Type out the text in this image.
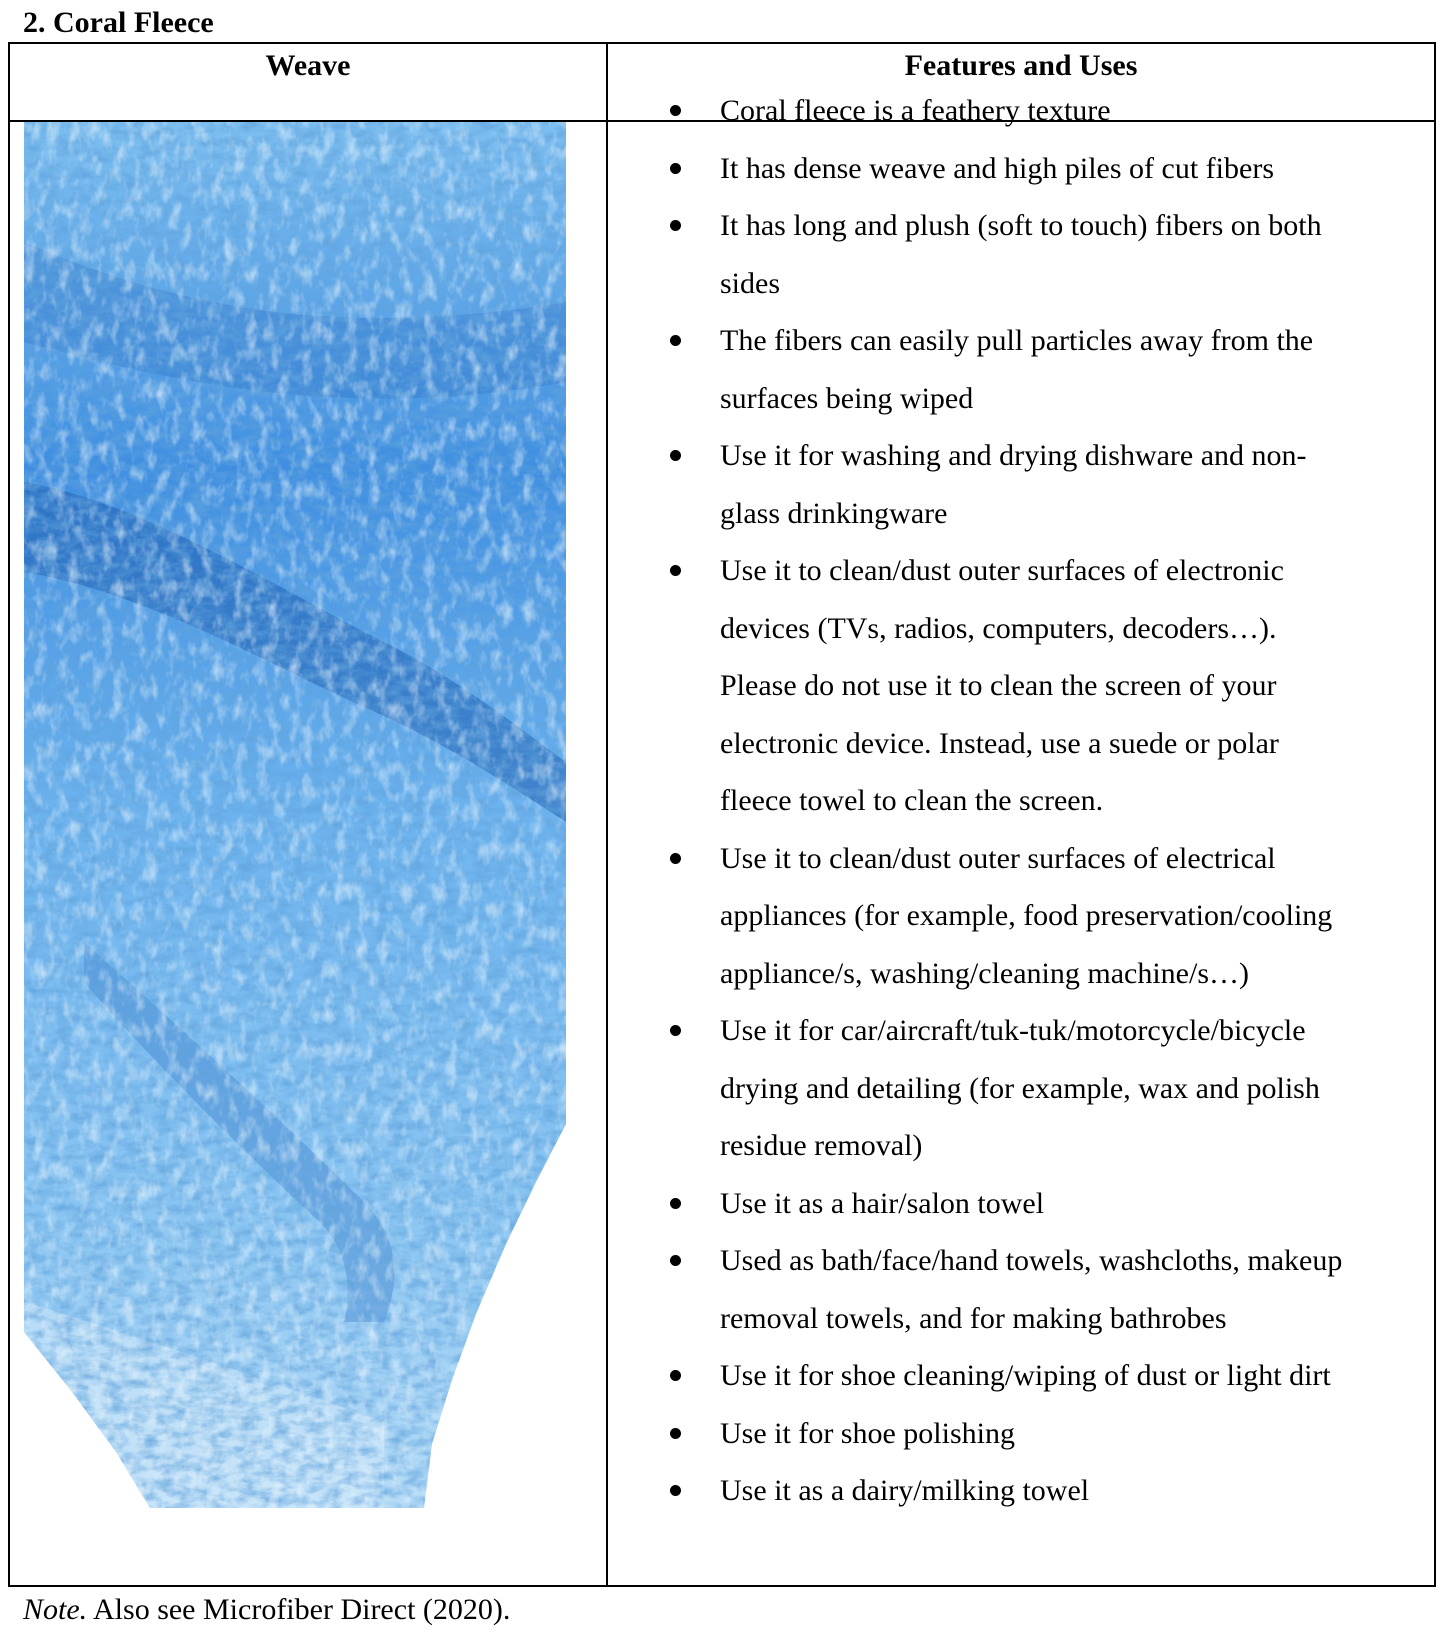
2. Coral Fleece
Weave	Features and Uses
Coral fleece is a feathery texture
It has dense weave and high piles of cut fibers
It has long and plush (soft to touch) fibers on both
sides
The fibers can easily pull particles away from the
surfaces being wiped
Use it for washing and drying dishware and non-
glass drinkingware
Use it to clean/dust outer surfaces of electronic
devices (TVs, radios, computers, decoders…).
Please do not use it to clean the screen of your
electronic device. Instead, use a suede or polar
fleece towel to clean the screen.
Use it to clean/dust outer surfaces of electrical
appliances (for example, food preservation/cooling
appliance/s, washing/cleaning machine/s…)
Use it for car/aircraft/tuk-tuk/motorcycle/bicycle
drying and detailing (for example, wax and polish
residue removal)
Use it as a hair/salon towel
Used as bath/face/hand towels, washcloths, makeup
removal towels, and for making bathrobes
Use it for shoe cleaning/wiping of dust or light dirt
Use it for shoe polishing
Use it as a dairy/milking towel
Note. Also see Microfiber Direct (2020).
